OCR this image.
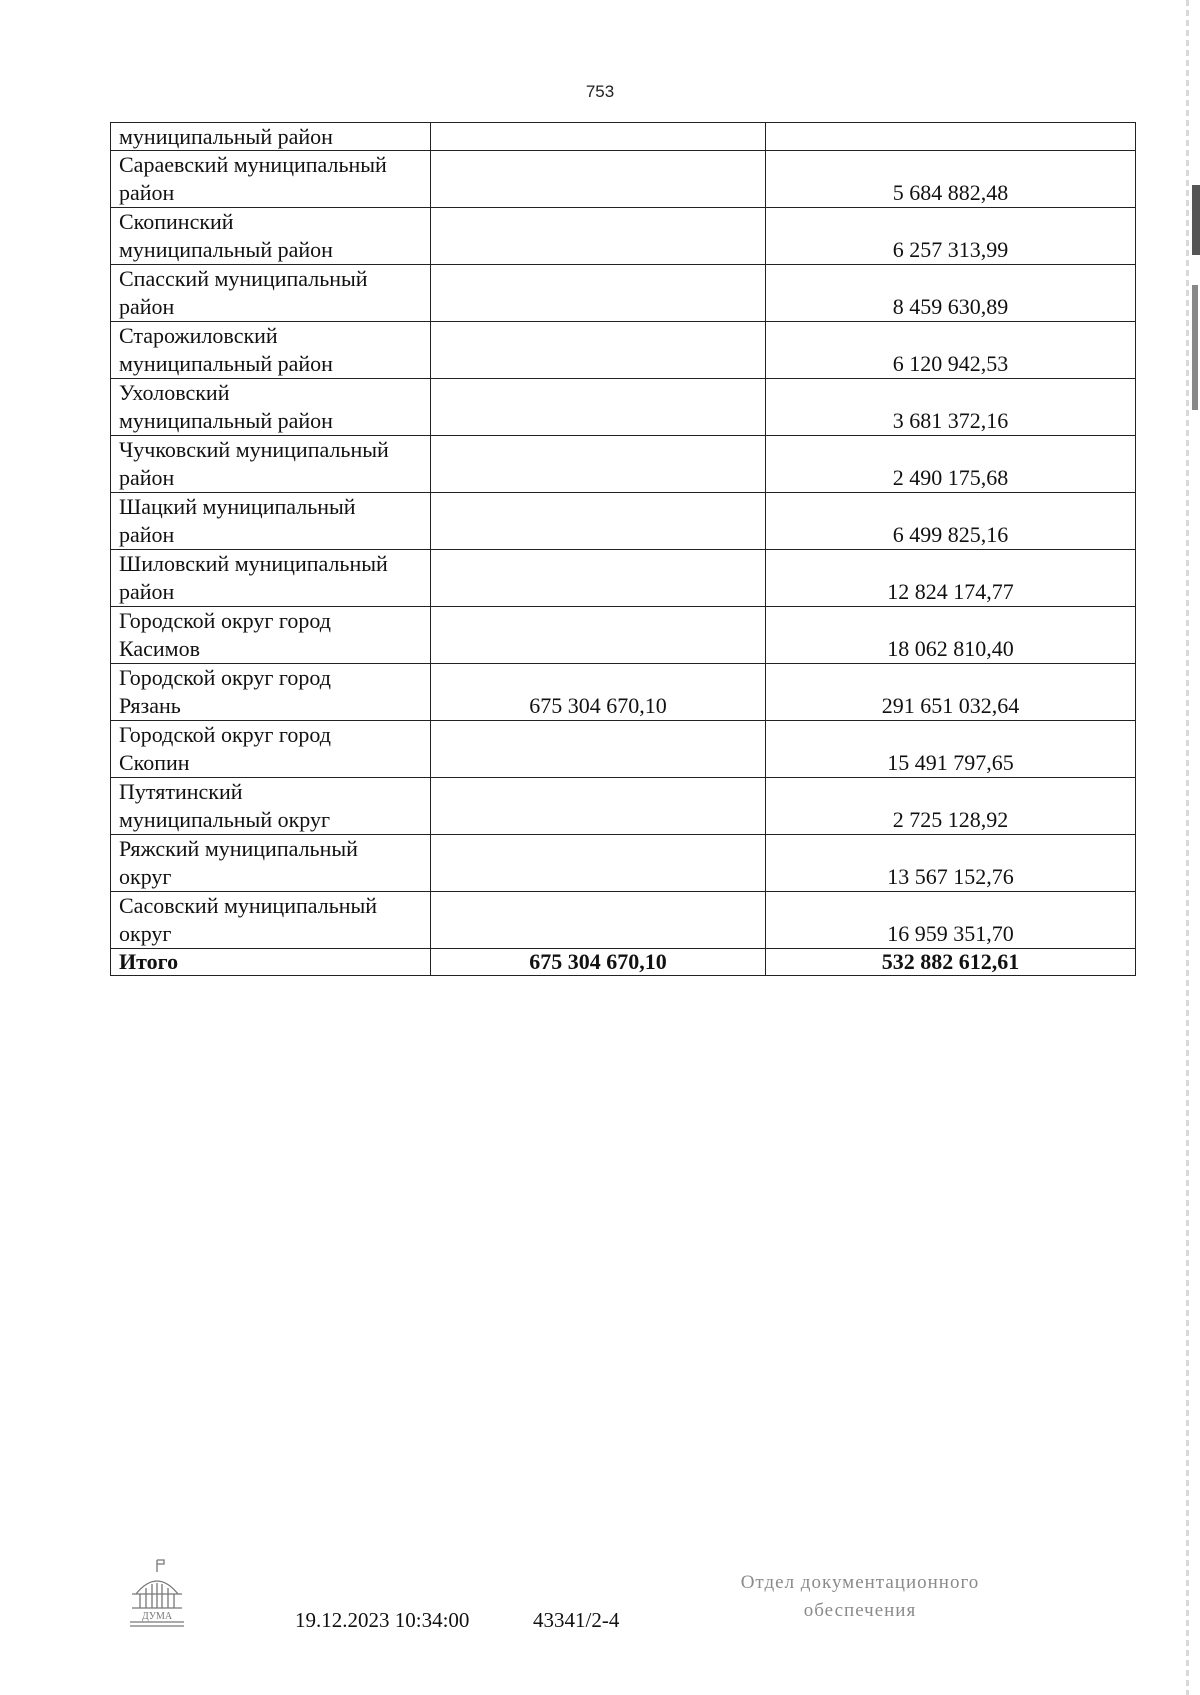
753
муниципальный район		

Сараевский муниципальный
район		5 684 882,48

Скопинский
муниципальный район		6 257 313,99

Спасский муниципальный
район		8 459 630,89

Старожиловский
муниципальный район		6 120 942,53

Ухоловский
муниципальный район		3 681 372,16

Чучковский муниципальный
район		2 490 175,68

Шацкий муниципальный
район		6 499 825,16

Шиловский муниципальный
район		12 824 174,77

Городской округ город
Касимов		18 062 810,40

Городской округ город
Рязань	675 304 670,10	291 651 032,64

Городской округ город
Скопин		15 491 797,65

Путятинский
муниципальный округ		2 725 128,92

Ряжский муниципальный
округ		13 567 152,76

Сасовский муниципальный
округ		16 959 351,70
Итого	675 304 670,10	532 882 612,61
ДУМА	19.12.2023 10:34:00	43341/2-4
Отдел документационного
обеспечения
